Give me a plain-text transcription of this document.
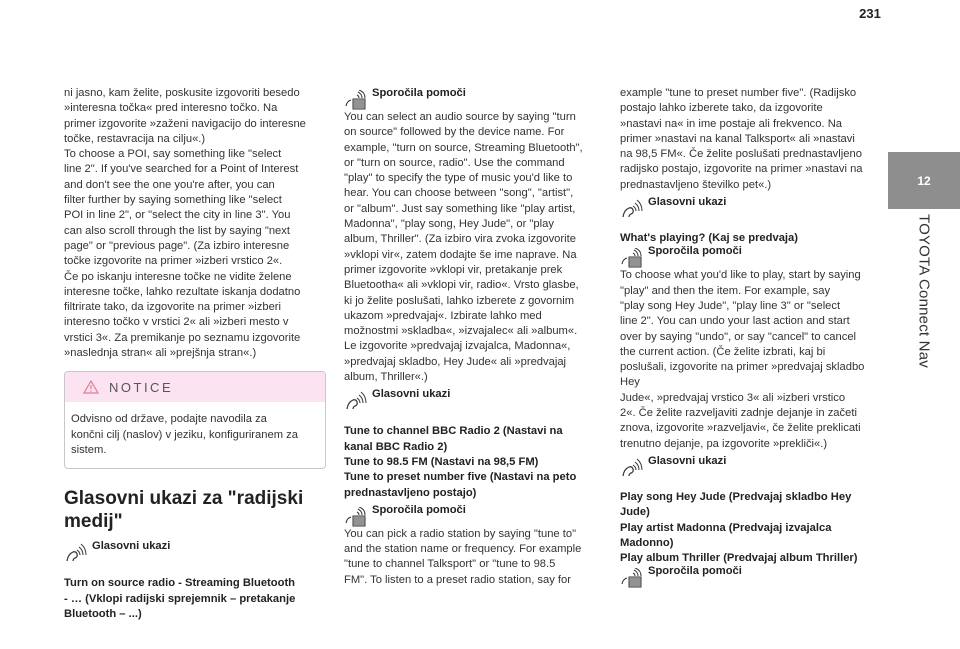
231
12
TOYOTA Connect Nav

ni jasno, kam želite, poskusite izgovoriti besedo

»interesna točka« pred interesno točko. Na

primer izgovorite »zaženi navigacijo do interesne

točke, restavracija na cilju«.)

To choose a POI, say something like "select

line 2". If you've searched for a Point of Interest

and don't see the one you're after, you can

filter further by saying something like "select

POI in line 2", or "select the city in line 3". You

can also scroll through the list by saying "next

page" or "previous page". (Za izbiro interesne

točke izgovorite na primer »izberi vrstico 2«.

Če po iskanju interesne točke ne vidite želene

interesne točke, lahko rezultate iskanja dodatno

filtrirate tako, da izgovorite na primer »izberi

interesno točko v vrstici 2« ali »izberi mesto v

vrstici 3«. Za premikanje po seznamu izgovorite

»naslednja stran« ali »prejšnja stran«.)

NOTICE

Odvisno od države, podajte navodila za

končni cilj (naslov) v jeziku, konfiguriranem za

sistem.

Glasovni ukazi za "radijski
medij"
Glasovni ukazi

Turn on source radio - Streaming Bluetooth

- … (Vklopi radijski sprejemnik – pretakanje

Bluetooth – ...)

Sporočila pomoči

You can select an audio source by saying "turn

on source" followed by the device name. For

example, "turn on source, Streaming Bluetooth",

or "turn on source, radio". Use the command

"play" to specify the type of music you'd like to

hear. You can choose between "song", "artist",

or "album". Just say something like "play artist,

Madonna", "play song, Hey Jude", or "play

album, Thriller". (Za izbiro vira zvoka izgovorite

»vklopi vir«, zatem dodajte še ime naprave. Na

primer izgovorite »vklopi vir, pretakanje prek

Bluetootha« ali »vklopi vir, radio«. Vrsto glasbe,

ki jo želite poslušati, lahko izberete z govornim

ukazom »predvajaj«. Izbirate lahko med

možnostmi »skladba«, »izvajalec« ali »album«.

Le izgovorite »predvajaj izvajalca, Madonna«,

»predvajaj skladbo, Hey Jude« ali »predvajaj

album, Thriller«.)

Glasovni ukazi

Tune to channel BBC Radio 2 (Nastavi na

kanal BBC Radio 2)

Tune to 98.5 FM (Nastavi na 98,5 FM)

Tune to preset number five (Nastavi na peto

prednastavljeno postajo)

Sporočila pomoči

You can pick a radio station by saying "tune to"

and the station name or frequency. For example

"tune to channel Talksport" or "tune to 98.5

FM". To listen to a preset radio station, say for

example "tune to preset number five". (Radijsko

postajo lahko izberete tako, da izgovorite

»nastavi na« in ime postaje ali frekvenco. Na

primer »nastavi na kanal Talksport« ali »nastavi

na 98,5 FM«. Če želite poslušati prednastavljeno

radijsko postajo, izgovorite na primer »nastavi na

prednastavljeno številko pet«.)

Glasovni ukazi

What's playing? (Kaj se predvaja)

Sporočila pomoči

To choose what you'd like to play, start by saying

"play" and then the item. For example, say

"play song Hey Jude", "play line 3" or "select

line 2". You can undo your last action and start

over by saying "undo", or say "cancel" to cancel

the current action. (Če želite izbrati, kaj bi

poslušali, izgovorite na primer »predvajaj skladbo Hey

Jude«, »predvajaj vrstico 3« ali »izberi vrstico

2«. Če želite razveljaviti zadnje dejanje in začeti

znova, izgovorite »razveljavi«, če želite preklicati

trenutno dejanje, pa izgovorite »prekliči«.)

Glasovni ukazi

Play song Hey Jude (Predvajaj skladbo Hey

Jude)

Play artist Madonna (Predvajaj izvajalca

Madonno)

Play album Thriller (Predvajaj album Thriller)

Sporočila pomoči
